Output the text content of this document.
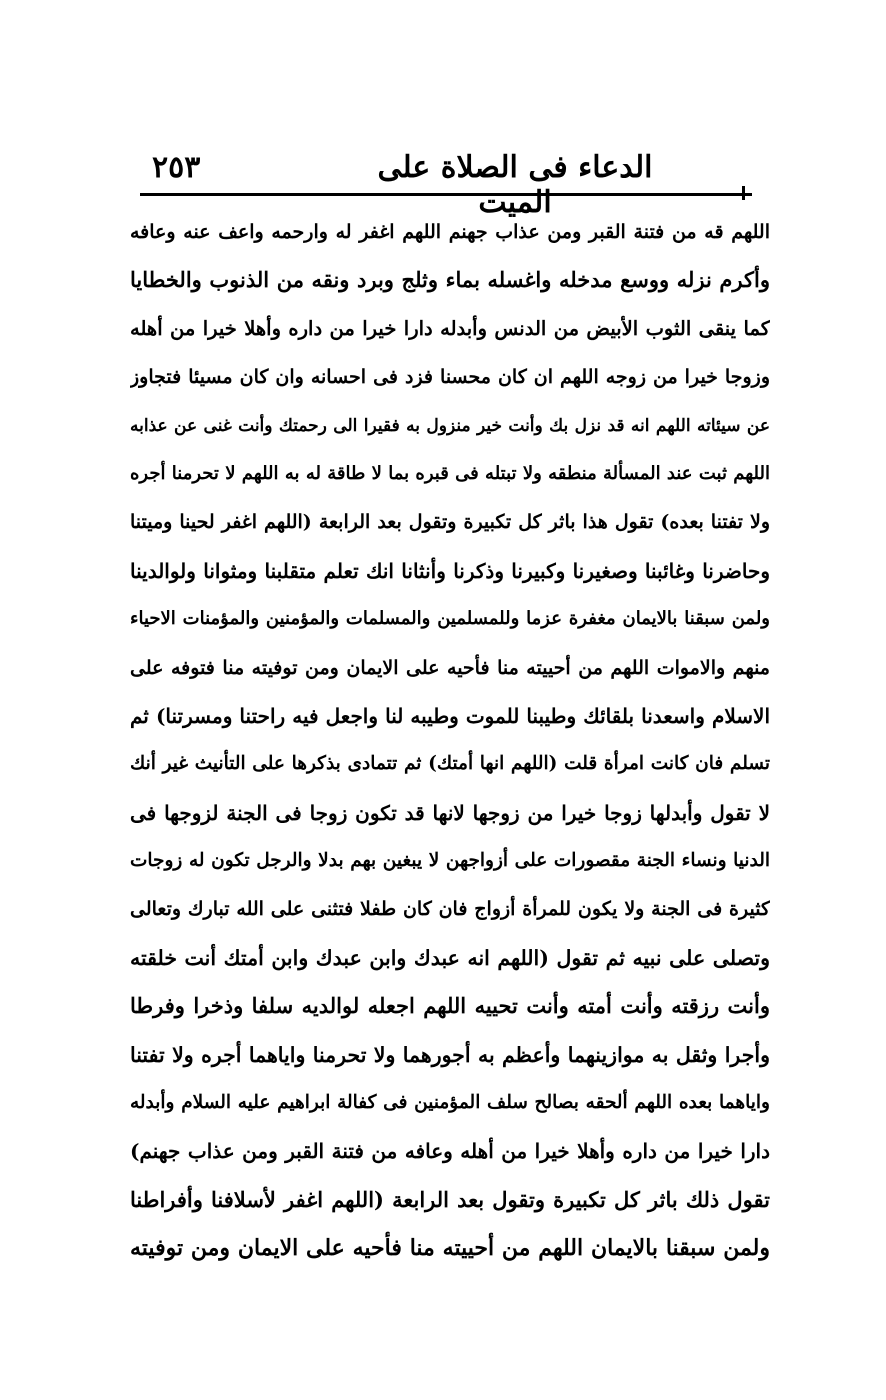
٢٥٣	الدعاء فى الصلاة على الميت
اللهم قه من فتنة القبر ومن عذاب جهنم اللهم اغفر له وارحمه واعف عنه وعافه
وأكرم نزله ووسع مدخله واغسله بماء وثلج وبرد ونقه من الذنوب والخطايا
كما ينقى الثوب الأبيض من الدنس وأبدله دارا خيرا من داره وأهلا خيرا من أهله
وزوجا خيرا من زوجه اللهم ان كان محسنا فزد فى احسانه وان كان مسيئا فتجاوز
عن سيئاته اللهم انه قد نزل بك وأنت خير منزول به فقيرا الى رحمتك وأنت غنى عن عذابه
اللهم ثبت عند المسألة منطقه ولا تبتله فى قبره بما لا طاقة له به اللهم لا تحرمنا أجره
ولا تفتنا بعده) تقول هذا باثر كل تكبيرة وتقول بعد الرابعة (اللهم اغفر لحينا وميتنا
وحاضرنا وغائبنا وصغيرنا وكبيرنا وذكرنا وأنثانا انك تعلم متقلبنا ومثوانا ولوالدينا
ولمن سبقنا بالايمان مغفرة عزما وللمسلمين والمسلمات والمؤمنين والمؤمنات الاحياء
منهم والاموات اللهم من أحييته منا فأحيه على الايمان ومن توفيته منا فتوفه على
الاسلام واسعدنا بلقائك وطيبنا للموت وطيبه لنا واجعل فيه راحتنا ومسرتنا) ثم
تسلم فان كانت امرأة قلت (اللهم انها أمتك) ثم تتمادى بذكرها على التأنيث غير أنك
لا تقول وأبدلها زوجا خيرا من زوجها لانها قد تكون زوجا فى الجنة لزوجها فى
الدنيا ونساء الجنة مقصورات على أزواجهن لا يبغين بهم بدلا والرجل تكون له زوجات
كثيرة فى الجنة ولا يكون للمرأة أزواج فان كان طفلا فتثنى على الله تبارك وتعالى
وتصلى على نبيه ثم تقول (اللهم انه عبدك وابن عبدك وابن أمتك أنت خلقته
وأنت رزقته وأنت أمته وأنت تحييه اللهم اجعله لوالديه سلفا وذخرا وفرطا
وأجرا وثقل به موازينهما وأعظم به أجورهما ولا تحرمنا واياهما أجره ولا تفتنا
واياهما بعده اللهم ألحقه بصالح سلف المؤمنين فى كفالة ابراهيم عليه السلام وأبدله
دارا خيرا من داره وأهلا خيرا من أهله وعافه من فتنة القبر ومن عذاب جهنم)
تقول ذلك باثر كل تكبيرة وتقول بعد الرابعة (اللهم اغفر لأسلافنا وأفراطنا
ولمن سبقنا بالايمان اللهم من أحييته منا فأحيه على الايمان ومن توفيته
